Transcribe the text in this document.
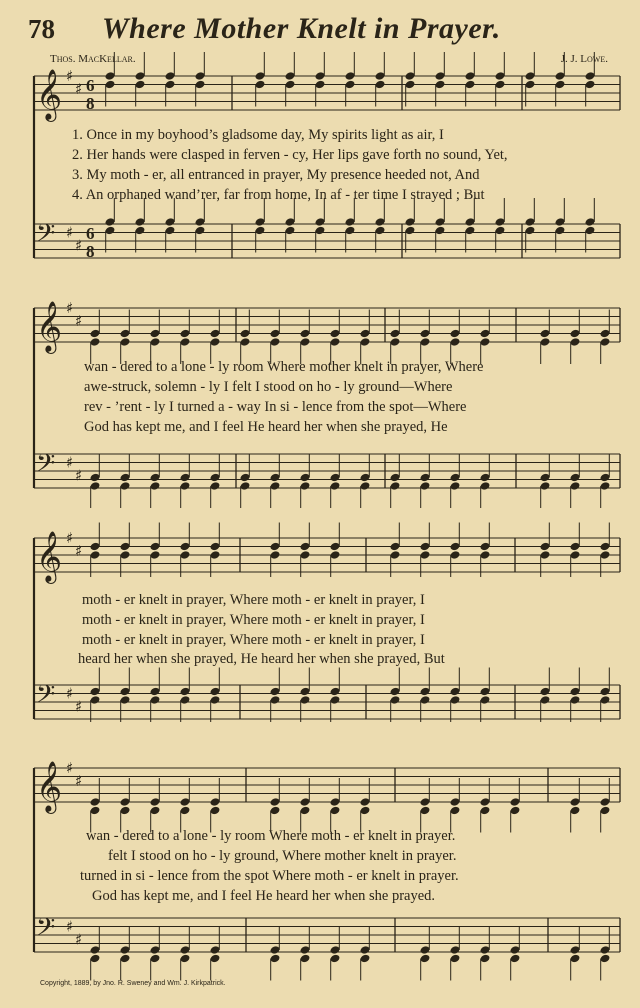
78 Where Mother Knelt in Prayer.
Thos. MacKellar.	J. J. Lowe.
𝄞 ♯
♯ 6
8
𝄢 ♯
♯
6
8
𝄞 ♯
♯
𝄢 ♯
♯
𝄞 ♯
♯
𝄢 ♯
♯
𝄞 ♯
♯
𝄢 ♯
♯
1. Once in my boyhood’s gladsome day, My spirits light as air, I
2. Her hands were clasped in ferven - cy, Her lips gave forth no sound, Yet,
3. My moth - er, all entranced in prayer, My presence heeded not, And
4. An orphaned wand’rer, far from home, In af - ter time I strayed ; But
wan - dered to a lone - ly room Where mother knelt in prayer, Where
awe-struck, solemn - ly I felt I stood on ho - ly ground—Where
rev - ’rent - ly I turned a - way In si - lence from the spot—Where
God has kept me, and I feel He heard her when she prayed, He
moth - er knelt in prayer, Where moth - er knelt in prayer, I
moth - er knelt in prayer, Where moth - er knelt in prayer, I
moth - er knelt in prayer, Where moth - er knelt in prayer, I
heard her when she prayed, He heard her when she prayed, But
wan - dered to a lone - ly room Where moth - er knelt in prayer.
felt I stood on ho - ly ground, Where mother knelt in prayer.
turned in si - lence from the spot Where moth - er knelt in prayer.
God has kept me, and I feel He heard her when she prayed.
Copyright, 1889, by Jno. R. Sweney and Wm. J. Kirkpatrick.
